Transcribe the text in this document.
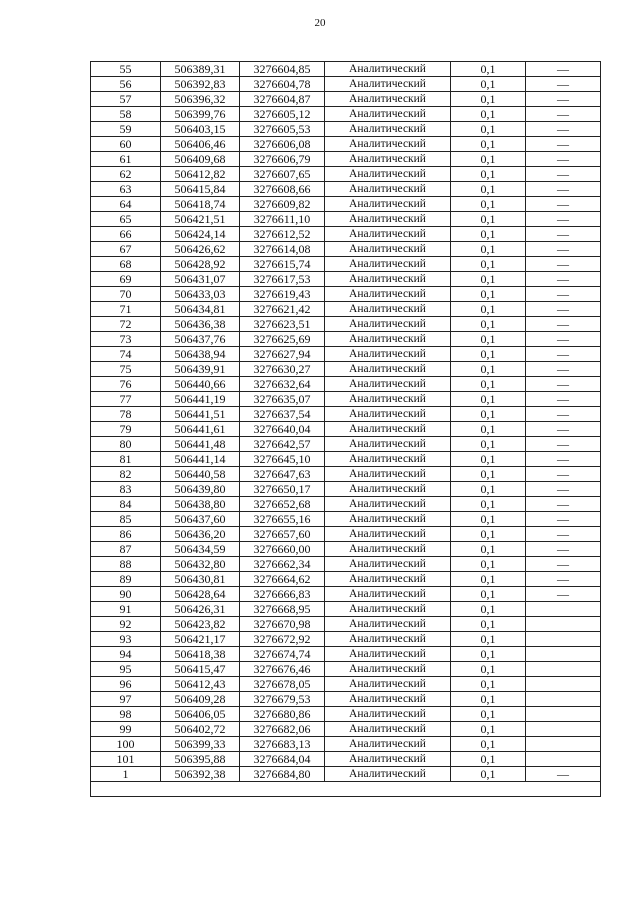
20
55	506389,31	3276604,85	Аналитический	0,1	—
56	506392,83	3276604,78	Аналитический	0,1	—
57	506396,32	3276604,87	Аналитический	0,1	—
58	506399,76	3276605,12	Аналитический	0,1	—
59	506403,15	3276605,53	Аналитический	0,1	—
60	506406,46	3276606,08	Аналитический	0,1	—
61	506409,68	3276606,79	Аналитический	0,1	—
62	506412,82	3276607,65	Аналитический	0,1	—
63	506415,84	3276608,66	Аналитический	0,1	—
64	506418,74	3276609,82	Аналитический	0,1	—
65	506421,51	3276611,10	Аналитический	0,1	—
66	506424,14	3276612,52	Аналитический	0,1	—
67	506426,62	3276614,08	Аналитический	0,1	—
68	506428,92	3276615,74	Аналитический	0,1	—
69	506431,07	3276617,53	Аналитический	0,1	—
70	506433,03	3276619,43	Аналитический	0,1	—
71	506434,81	3276621,42	Аналитический	0,1	—
72	506436,38	3276623,51	Аналитический	0,1	—
73	506437,76	3276625,69	Аналитический	0,1	—
74	506438,94	3276627,94	Аналитический	0,1	—
75	506439,91	3276630,27	Аналитический	0,1	—
76	506440,66	3276632,64	Аналитический	0,1	—
77	506441,19	3276635,07	Аналитический	0,1	—
78	506441,51	3276637,54	Аналитический	0,1	—
79	506441,61	3276640,04	Аналитический	0,1	—
80	506441,48	3276642,57	Аналитический	0,1	—
81	506441,14	3276645,10	Аналитический	0,1	—
82	506440,58	3276647,63	Аналитический	0,1	—
83	506439,80	3276650,17	Аналитический	0,1	—
84	506438,80	3276652,68	Аналитический	0,1	—
85	506437,60	3276655,16	Аналитический	0,1	—
86	506436,20	3276657,60	Аналитический	0,1	—
87	506434,59	3276660,00	Аналитический	0,1	—
88	506432,80	3276662,34	Аналитический	0,1	—
89	506430,81	3276664,62	Аналитический	0,1	—
90	506428,64	3276666,83	Аналитический	0,1	—
91	506426,31	3276668,95	Аналитический	0,1	
92	506423,82	3276670,98	Аналитический	0,1	
93	506421,17	3276672,92	Аналитический	0,1	
94	506418,38	3276674,74	Аналитический	0,1	
95	506415,47	3276676,46	Аналитический	0,1	
96	506412,43	3276678,05	Аналитический	0,1	
97	506409,28	3276679,53	Аналитический	0,1	
98	506406,05	3276680,86	Аналитический	0,1	
99	506402,72	3276682,06	Аналитический	0,1	
100	506399,33	3276683,13	Аналитический	0,1	
101	506395,88	3276684,04	Аналитический	0,1	
1	506392,38	3276684,80	Аналитический	0,1	—
